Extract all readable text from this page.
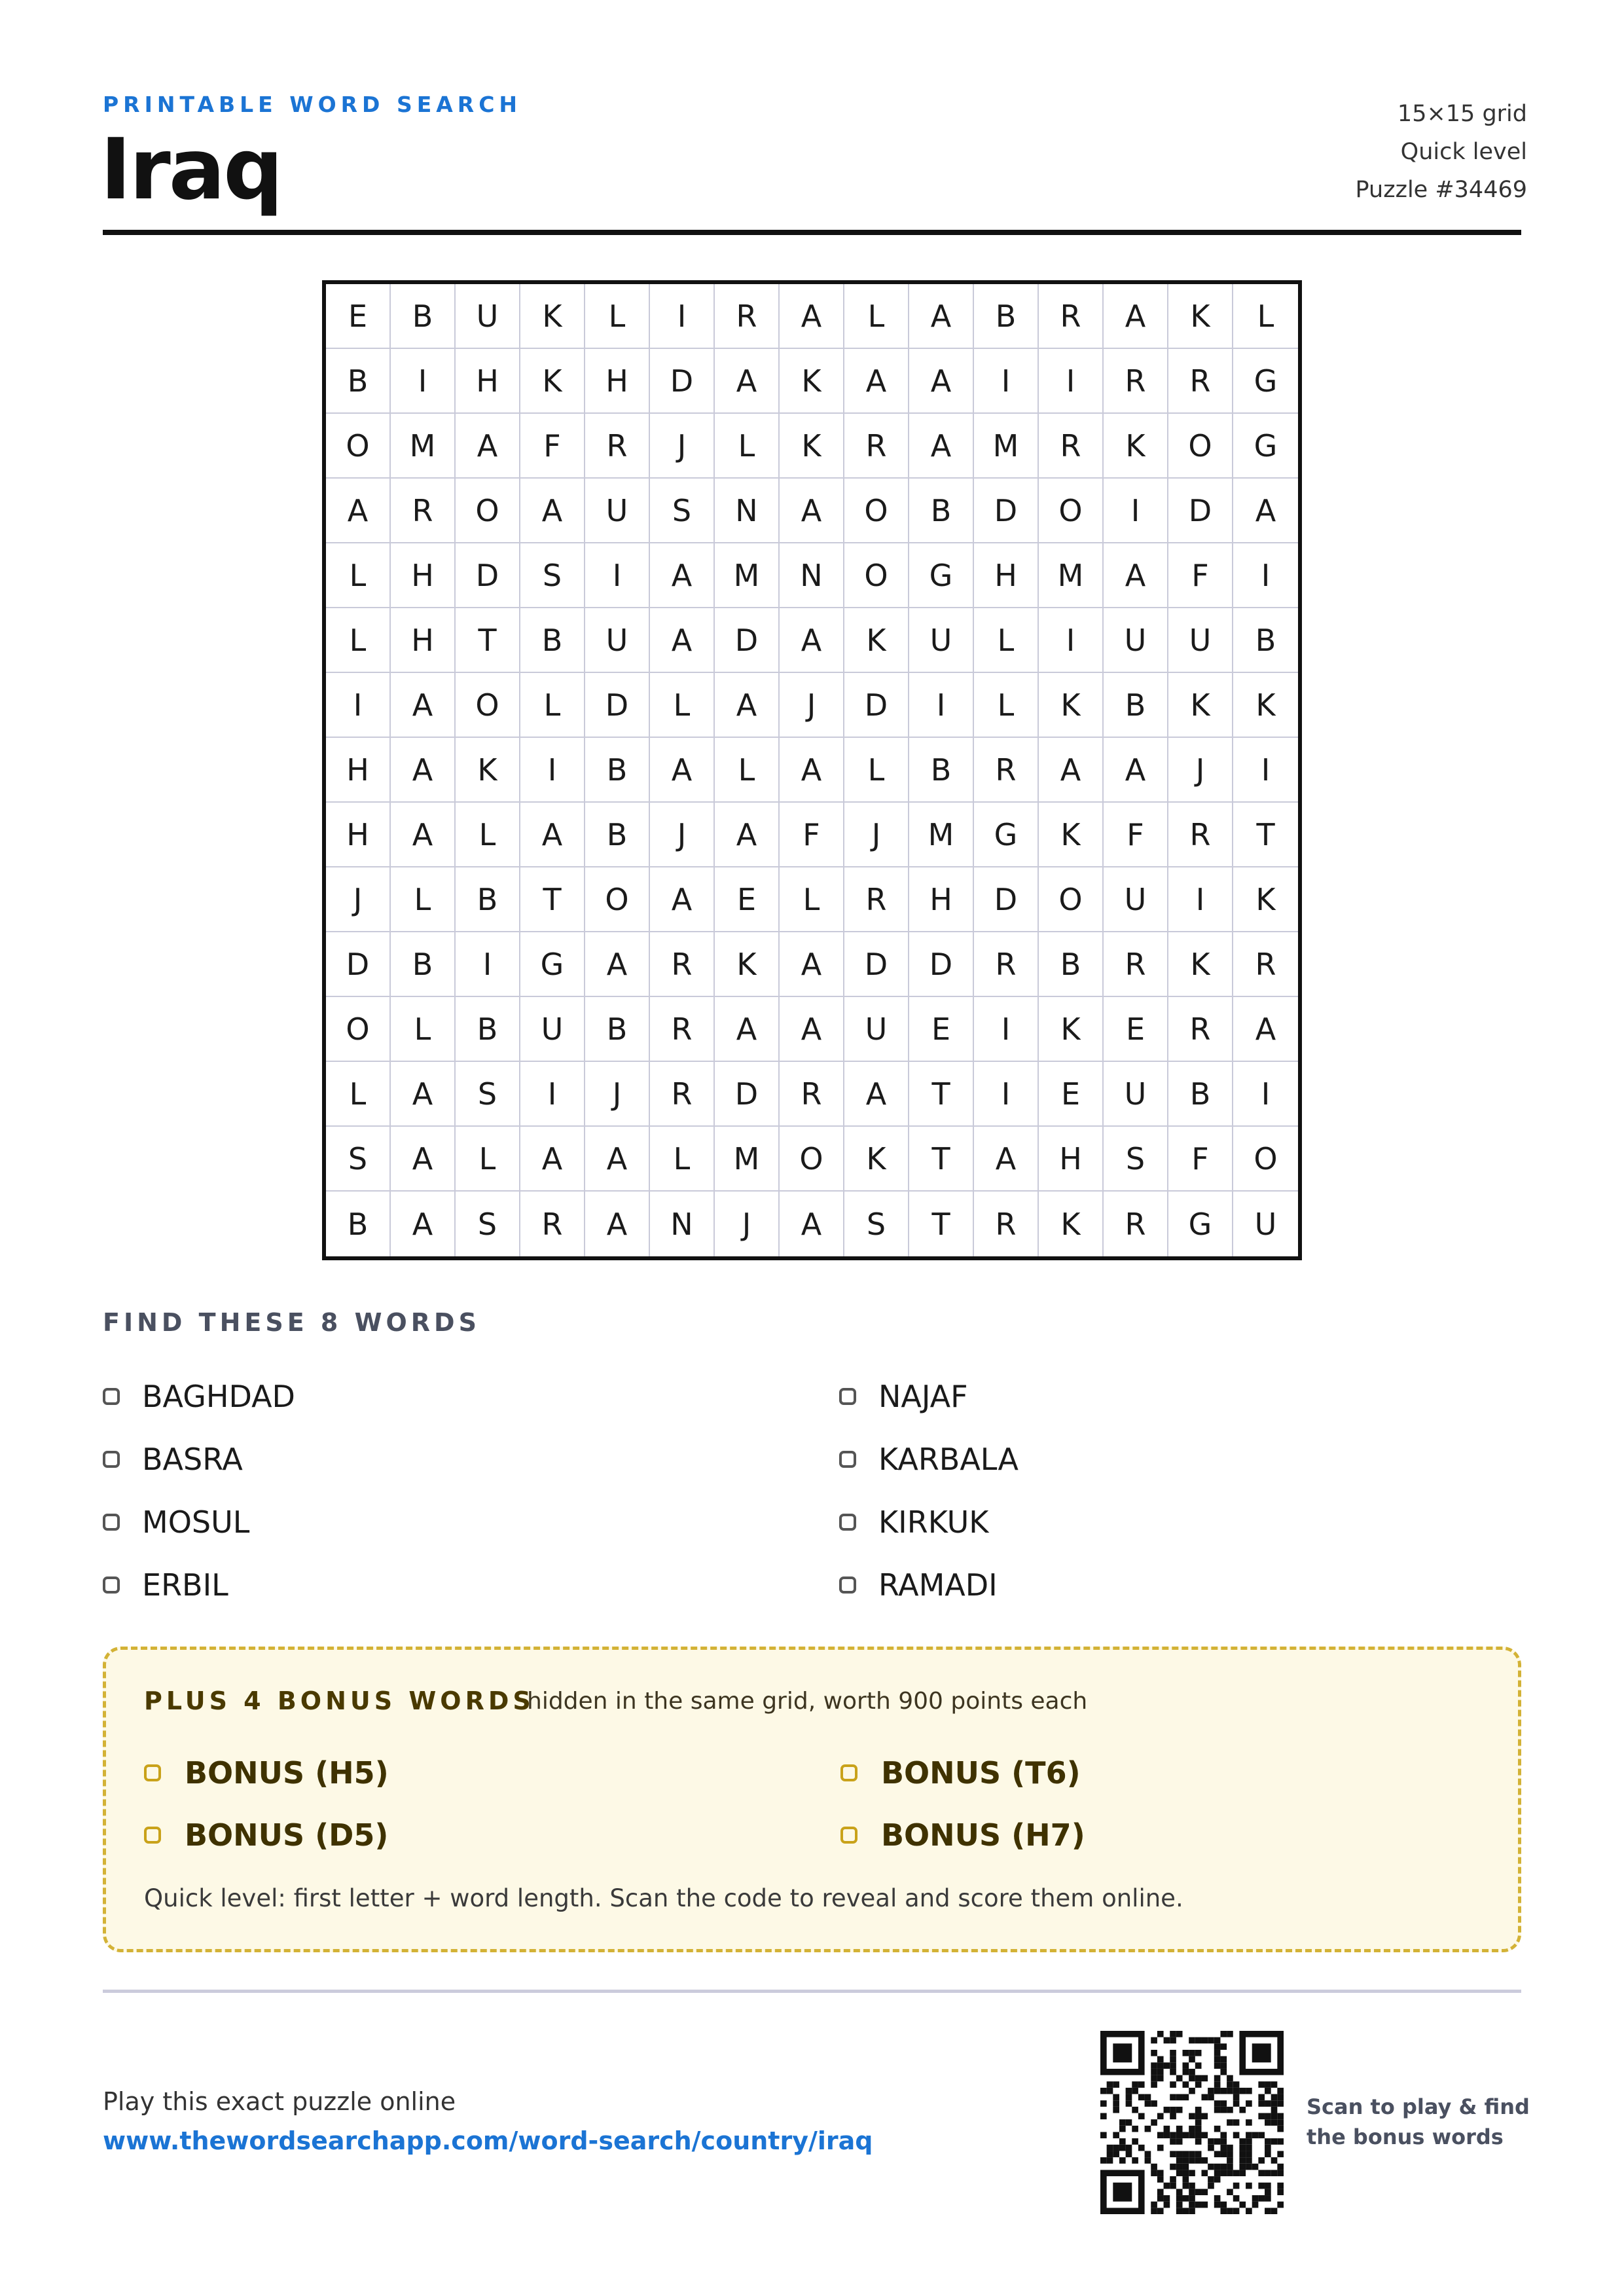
PRINTABLE WORD SEARCH
Iraq
15×15 grid
Quick level
Puzzle #34469
E	B	U	K	L	I	R	A	L	A	B	R	A	K	L
B	I	H	K	H	D	A	K	A	A	I	I	R	R	G
O	M	A	F	R	J	L	K	R	A	M	R	K	O	G
A	R	O	A	U	S	N	A	O	B	D	O	I	D	A
L	H	D	S	I	A	M	N	O	G	H	M	A	F	I
L	H	T	B	U	A	D	A	K	U	L	I	U	U	B
I	A	O	L	D	L	A	J	D	I	L	K	B	K	K
H	A	K	I	B	A	L	A	L	B	R	A	A	J	I
H	A	L	A	B	J	A	F	J	M	G	K	F	R	T
J	L	B	T	O	A	E	L	R	H	D	O	U	I	K
D	B	I	G	A	R	K	A	D	D	R	B	R	K	R
O	L	B	U	B	R	A	A	U	E	I	K	E	R	A
L	A	S	I	J	R	D	R	A	T	I	E	U	B	I
S	A	L	A	A	L	M	O	K	T	A	H	S	F	O
B	A	S	R	A	N	J	A	S	T	R	K	R	G	U
FIND THESE 8 WORDS
BAGHDAD
BASRA
MOSUL
ERBIL
NAJAF
KARBALA
KIRKUK
RAMADI
PLUS 4 BONUS WORDS
hidden in the same grid, worth 900 points each
BONUS (H5)
BONUS (D5)
BONUS (T6)
BONUS (H7)
Quick level: first letter + word length. Scan the code to reveal and score them online.
Play this exact puzzle online
www.thewordsearchapp.com/word-search/country/iraq
Scan to play & find
the bonus words
